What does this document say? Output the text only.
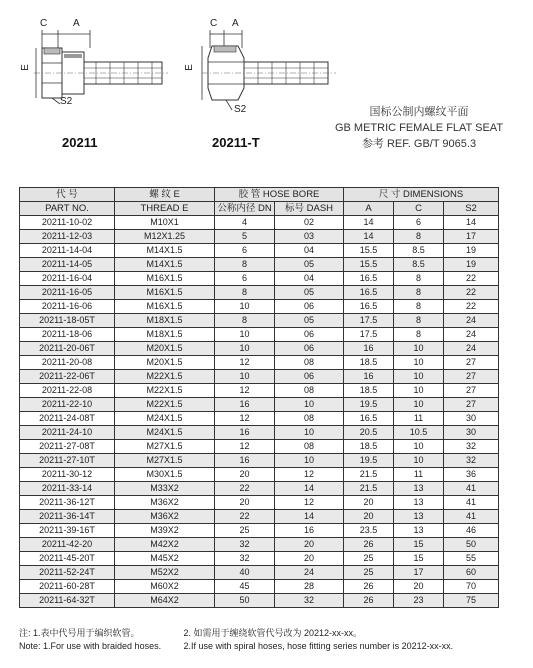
C	A
E
S2
20211
C A
E
S2
20211-T
国标公制内螺纹平面
GB METRIC FEMALE FLAT SEAT
参考 REF. GB/T 9065.3
代 号	螺 纹 E	胶 管 HOSE BORE		尺 寸 DIMENSIONS		
PART NO.	THREAD E	公称内径 DN	标号 DASH	A	C	S2
20211-10-02	M10X1	4	02	14	6	14
20211-12-03	M12X1.25	5	03	14	8	17
20211-14-04	M14X1.5	6	04	15.5	8.5	19
20211-14-05	M14X1.5	8	05	15.5	8.5	19
20211-16-04	M16X1.5	6	04	16.5	8	22
20211-16-05	M16X1.5	8	05	16.5	8	22
20211-16-06	M16X1.5	10	06	16.5	8	22
20211-18-05T	M18X1.5	8	05	17.5	8	24
20211-18-06	M18X1.5	10	06	17.5	8	24
20211-20-06T	M20X1.5	10	06	16	10	24
20211-20-08	M20X1.5	12	08	18.5	10	27
20211-22-06T	M22X1.5	10	06	16	10	27
20211-22-08	M22X1.5	12	08	18.5	10	27
20211-22-10	M22X1.5	16	10	19.5	10	27
20211-24-08T	M24X1.5	12	08	16.5	11	30
20211-24-10	M24X1.5	16	10	20.5	10.5	30
20211-27-08T	M27X1.5	12	08	18.5	10	32
20211-27-10T	M27X1.5	16	10	19.5	10	32
20211-30-12	M30X1.5	20	12	21.5	11	36
20211-33-14	M33X2	22	14	21.5	13	41
20211-36-12T	M36X2	20	12	20	13	41
20211-36-14T	M36X2	22	14	20	13	41
20211-39-16T	M39X2	25	16	23.5	13	46
20211-42-20	M42X2	32	20	26	15	50
20211-45-20T	M45X2	32	20	25	15	55
20211-52-24T	M52X2	40	24	25	17	60
20211-60-28T	M60X2	45	28	26	20	70
20211-64-32T	M64X2	50	32	26	23	75
注: 1.表中代号用于编织软管。	2. 如需用于缠绕软管代号改为 20212-xx-xx。
Note: 1.For use with braided hoses. 2.If use with spiral hoses, hose fitting series number is 20212-xx-xx.
